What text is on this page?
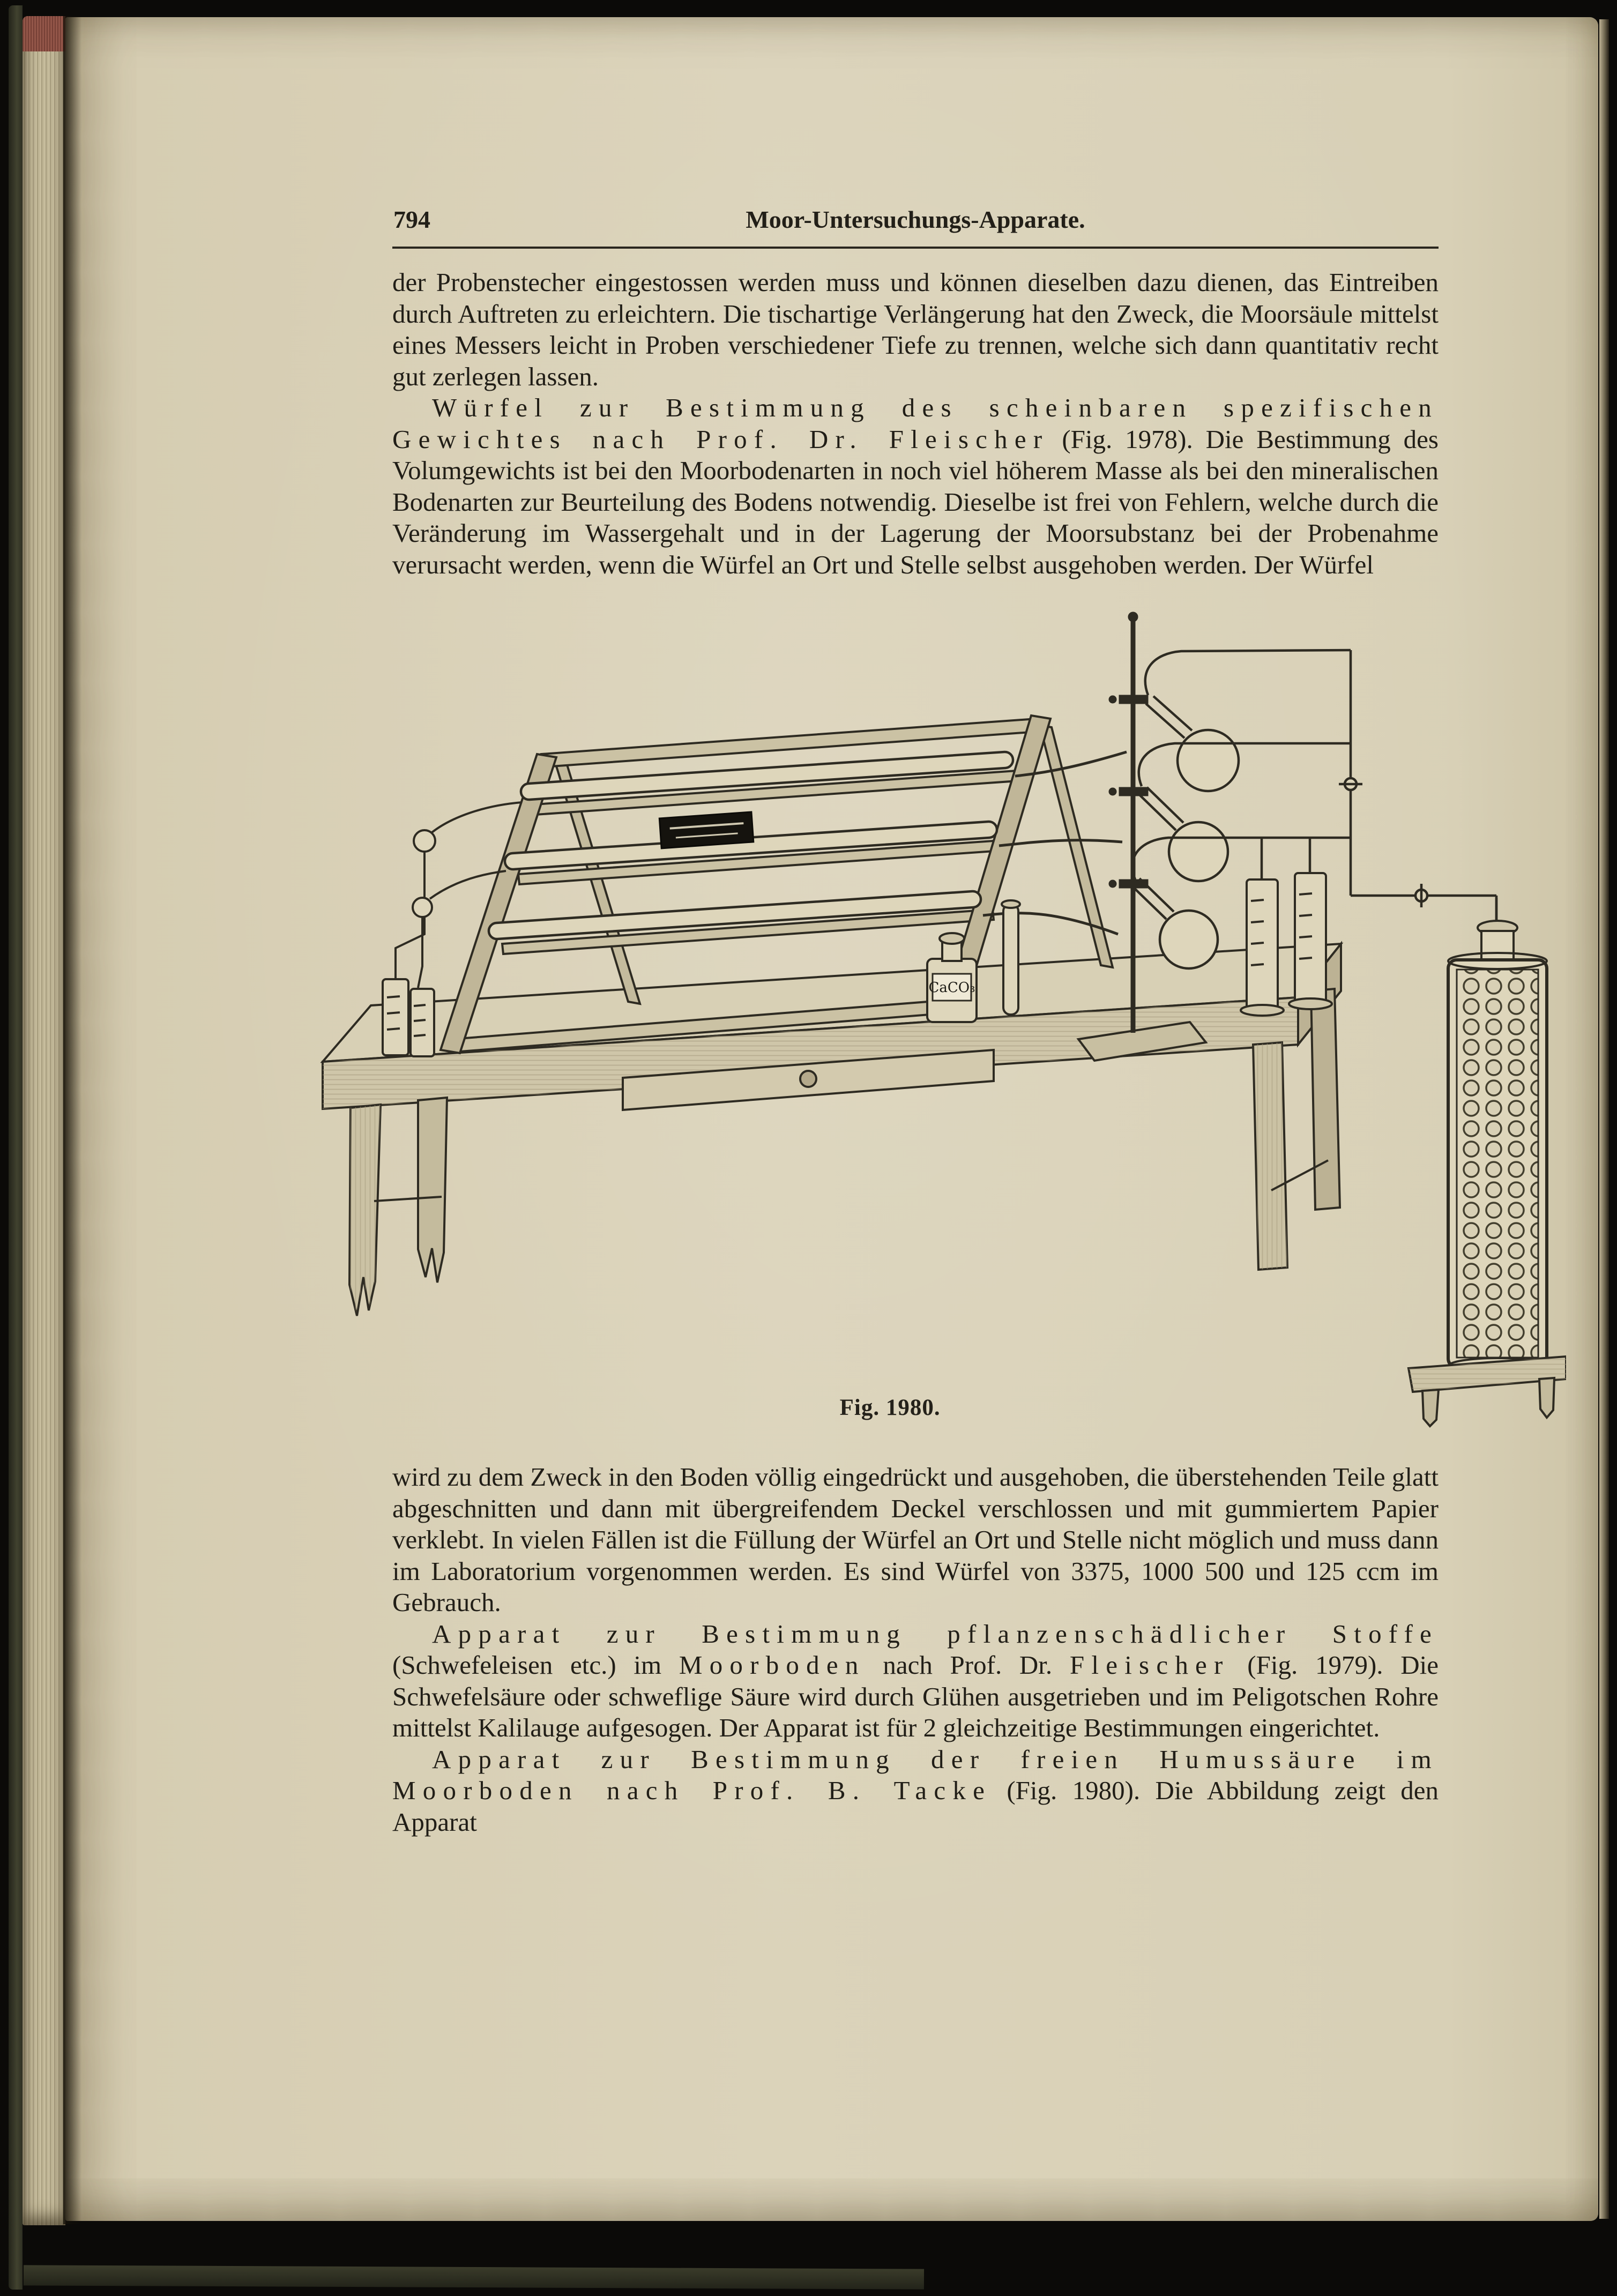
794	Moor-Untersuchungs-Apparate.

der Probenstecher eingestossen werden muss und können dieselben dazu dienen, das Eintreiben durch Auftreten zu erleichtern. Die tischartige Verlängerung hat den Zweck, die Moorsäule mittelst eines Messers leicht in Proben verschiedener Tiefe zu trennen, welche sich dann quantitativ recht gut zerlegen lassen.

Würfel zur Bestimmung des scheinbaren spezifischen Gewichtes nach Prof. Dr. Fleischer (Fig. 1978). Die Bestimmung des Volumgewichts ist bei den Moorbodenarten in noch viel höherem Masse als bei den mineralischen Bodenarten zur Beurteilung des Bodens notwendig. Dieselbe ist frei von Fehlern, welche durch die Veränderung im Wassergehalt und in der Lagerung der Moorsubstanz bei der Probenahme verursacht werden, wenn die Würfel an Ort und Stelle selbst ausgehoben werden. Der Würfel

CaCO₃
Fig. 1980.

wird zu dem Zweck in den Boden völlig eingedrückt und ausgehoben, die überstehenden Teile glatt abgeschnitten und dann mit übergreifendem Deckel verschlossen und mit gummiertem Papier verklebt. In vielen Fällen ist die Füllung der Würfel an Ort und Stelle nicht möglich und muss dann im Laboratorium vorgenommen werden. Es sind Würfel von 3375, 1000 500 und 125 ccm im Gebrauch.

Apparat zur Bestimmung pflanzenschädlicher Stoffe (Schwefeleisen etc.) im Moorboden nach Prof. Dr. Fleischer (Fig. 1979). Die Schwefelsäure oder schweflige Säure wird durch Glühen ausgetrieben und im Peligotschen Rohre mittelst Kalilauge aufgesogen. Der Apparat ist für 2 gleichzeitige Bestimmungen eingerichtet.

Apparat zur Bestimmung der freien Humussäure im Moorboden nach Prof. B. Tacke (Fig. 1980). Die Abbildung zeigt den Apparat
